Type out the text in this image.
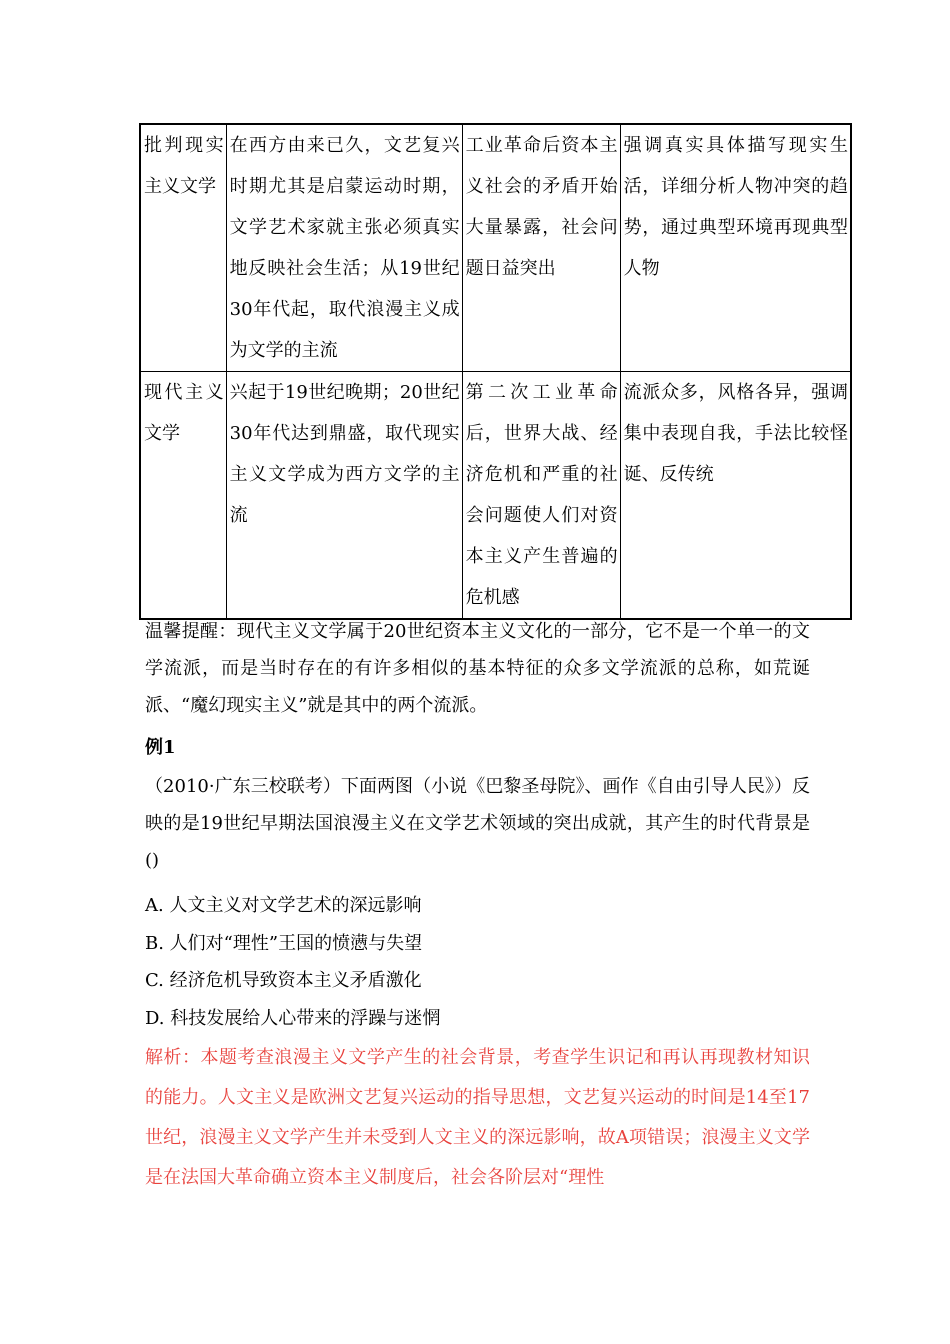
批判现实主义文学	在西方由来已久，文艺复兴时期尤其是启蒙运动时期，文学艺术家就主张必须真实地反映社会生活；从19世纪30年代起，取代浪漫主义成为文学的主流	工业革命后资本主义社会的矛盾开始大量暴露，社会问题日益突出	强调真实具体描写现实生活，详细分析人物冲突的趋势，通过典型环境再现典型人物
现代主义文学	兴起于19世纪晚期；20世纪30年代达到鼎盛，取代现实主义文学成为西方文学的主流	第二次工业革命后，世界大战、经济危机和严重的社会问题使人们对资本主义产生普遍的危机感	流派众多，风格各异，强调集中表现自我，手法比较怪诞、反传统
温馨提醒：现代主义文学属于20世纪资本主义文化的一部分，它不是一个单一的文学流派，而是当时存在的有许多相似的基本特征的众多文学流派的总称，如荒诞派、“魔幻现实主义”就是其中的两个流派。
例1
（2010·广东三校联考）下面两图（小说《巴黎圣母院》、画作《自由引导人民》）反映的是19世纪早期法国浪漫主义在文学艺术领域的突出成就，其产生的时代背景是()
A. 人文主义对文学艺术的深远影响
B. 人们对“理性”王国的愤懑与失望
C. 经济危机导致资本主义矛盾激化
D. 科技发展给人心带来的浮躁与迷惘
解析：本题考查浪漫主义文学产生的社会背景，考查学生识记和再认再现教材知识的能力。人文主义是欧洲文艺复兴运动的指导思想，文艺复兴运动的时间是14至17世纪，浪漫主义文学产生并未受到人文主义的深远影响，故A项错误；浪漫主义文学是在法国大革命确立资本主义制度后，社会各阶层对“理性
